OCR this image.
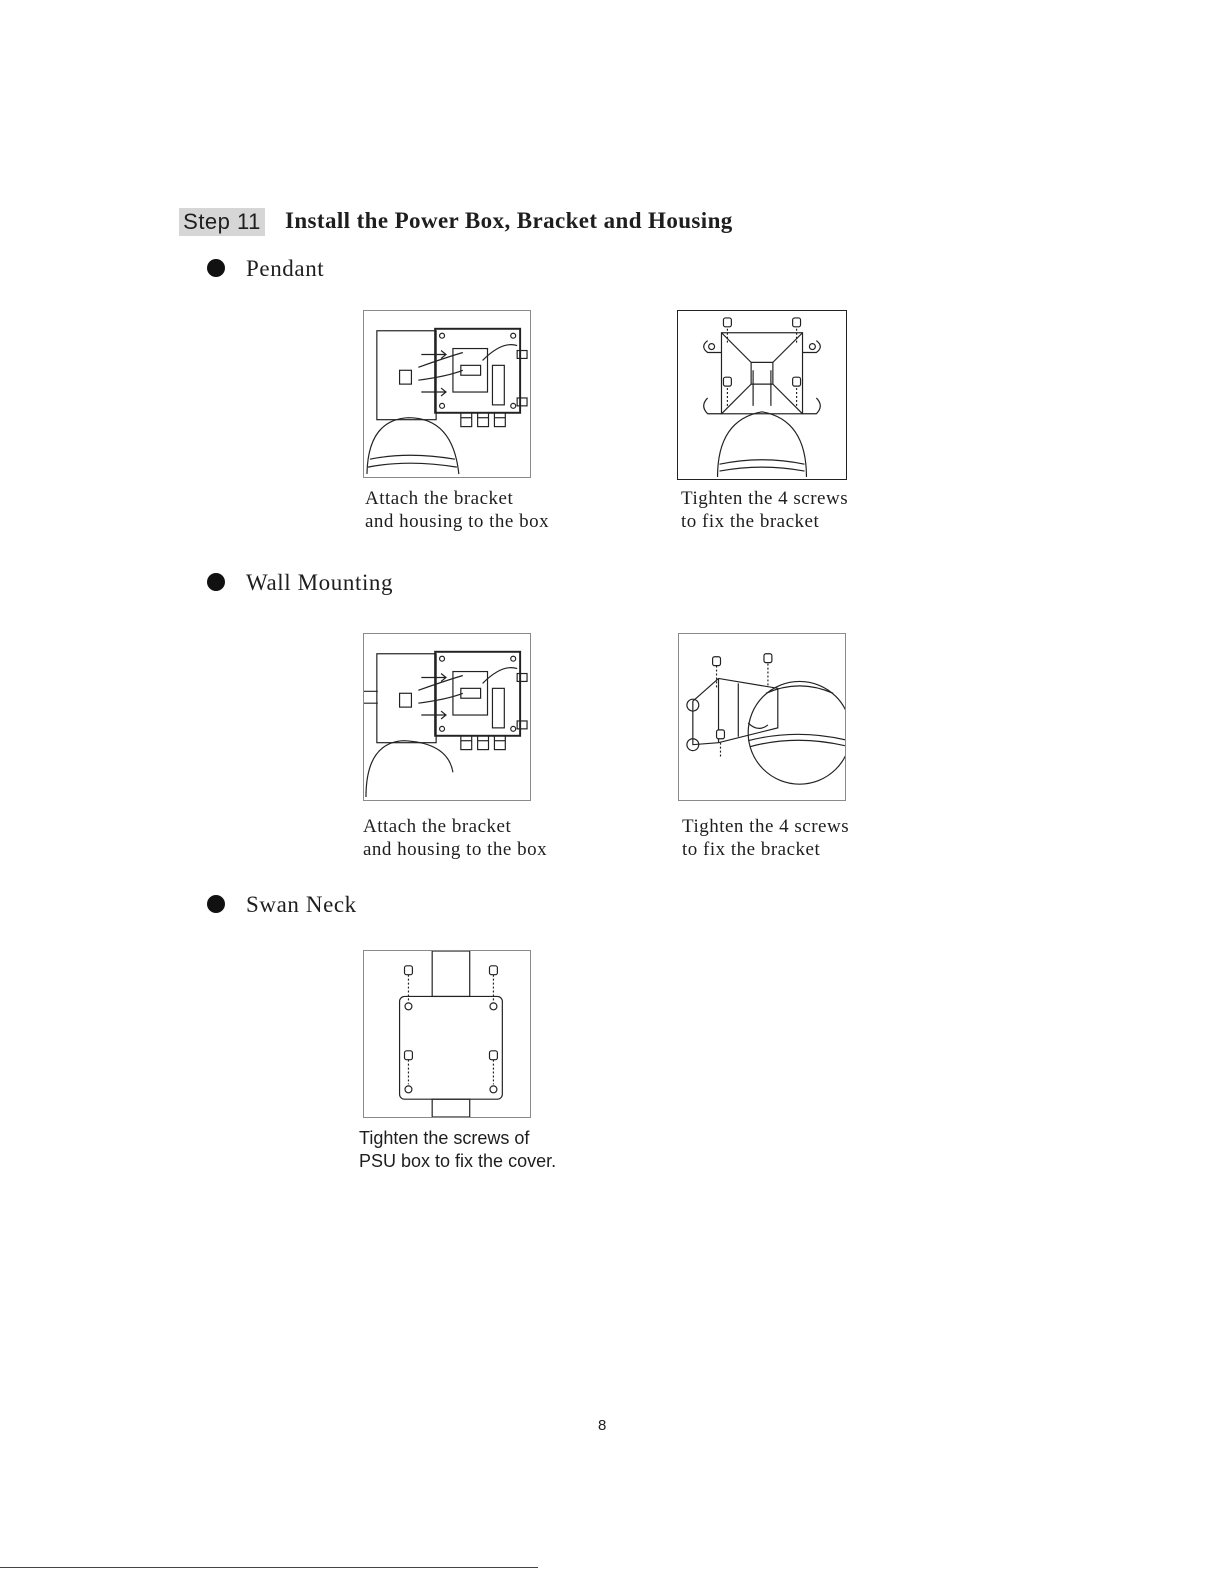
Step 11 Install the Power Box, Bracket and Housing
Pendant
Attach the bracket
and housing to the box
Tighten the 4 screws
to fix the bracket
Wall Mounting
Attach the bracket
and housing to the box
Tighten the 4 screws
to fix the bracket
Swan Neck
Tighten the screws of
PSU box to fix the cover.
8
